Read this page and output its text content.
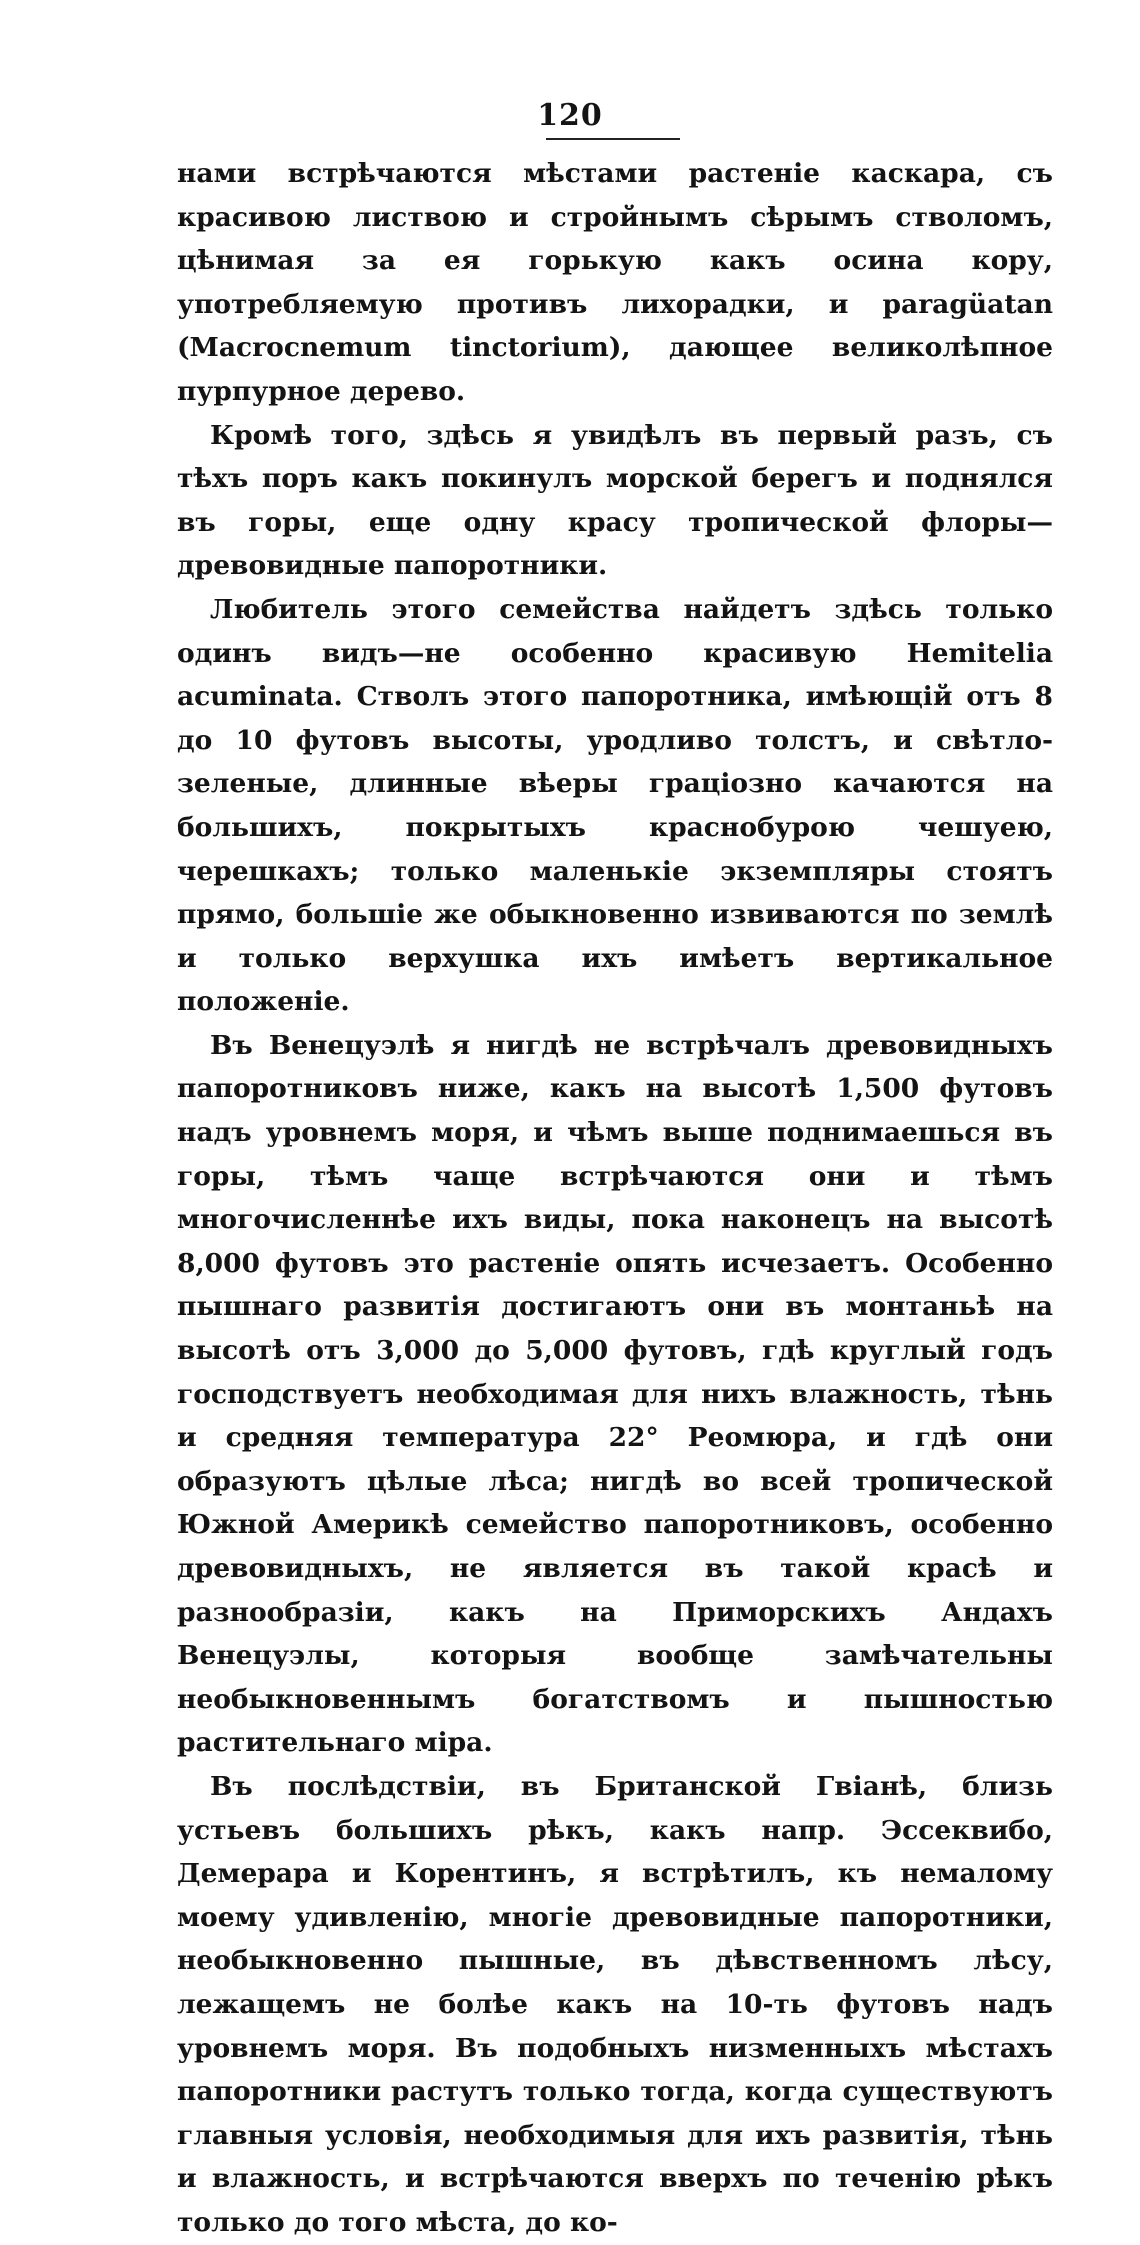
120

нами встрѣчаются мѣстами растеніе каскара, съ красивою листвою и стройнымъ сѣрымъ стволомъ, цѣнимая за ея горькую какъ осина кору, употребляемую противъ лихорадки, и paragüatan (Macrocnemum tinctorium), дающее великолѣпное пурпурное дерево.

Кромѣ того, здѣсь я увидѣлъ въ первый разъ, съ тѣхъ поръ какъ покинулъ морской берегъ и поднялся въ горы, еще одну красу тропической флоры—древовидные папоротники.

Любитель этого семейства найдетъ здѣсь только одинъ видъ—не особенно красивую Hemitelia acuminata. Стволъ этого папоротника, имѣющій отъ 8 до 10 футовъ высоты, уродливо толстъ, и свѣтло-зеленые, длинные вѣеры граціозно качаются на большихъ, покрытыхъ краснобурою чешуею, черешкахъ; только маленькіе экземпляры стоятъ прямо, большіе же обыкновенно извиваются по землѣ и только верхушка ихъ имѣетъ вертикальное положеніе.

Въ Венецуэлѣ я нигдѣ не встрѣчалъ древовидныхъ папоротниковъ ниже, какъ на высотѣ 1,500 футовъ надъ уровнемъ моря, и чѣмъ выше поднимаешься въ горы, тѣмъ чаще встрѣчаются они и тѣмъ многочисленнѣе ихъ виды, пока наконецъ на высотѣ 8,000 футовъ это растеніе опять исчезаетъ. Особенно пышнаго развитія достигаютъ они въ монтаньѣ на высотѣ отъ 3,000 до 5,000 футовъ, гдѣ круглый годъ господствуетъ необходимая для нихъ влажность, тѣнь и средняя температура 22° Реомюра, и гдѣ они образуютъ цѣлые лѣса; нигдѣ во всей тропической Южной Америкѣ семейство папоротниковъ, особенно древовидныхъ, не является въ такой красѣ и разнообразіи, какъ на Приморскихъ Андахъ Венецуэлы, которыя вообще замѣчательны необыкновеннымъ богатствомъ и пышностью растительнаго міра.

Въ послѣдствіи, въ Британской Гвіанѣ, близь устьевъ большихъ рѣкъ, какъ напр. Эссеквибо, Демерара и Корентинъ, я встрѣтилъ, къ немалому моему удивленію, многіе древовидные папоротники, необыкновенно пышные, въ дѣвственномъ лѣсу, лежащемъ не болѣе какъ на 10-ть футовъ надъ уровнемъ моря. Въ подобныхъ низменныхъ мѣстахъ папоротники растутъ только тогда, когда существуютъ главныя условія, необходимыя для ихъ развитія, тѣнь и влажность, и встрѣчаются вверхъ по теченію рѣкъ только до того мѣста, до ко-
